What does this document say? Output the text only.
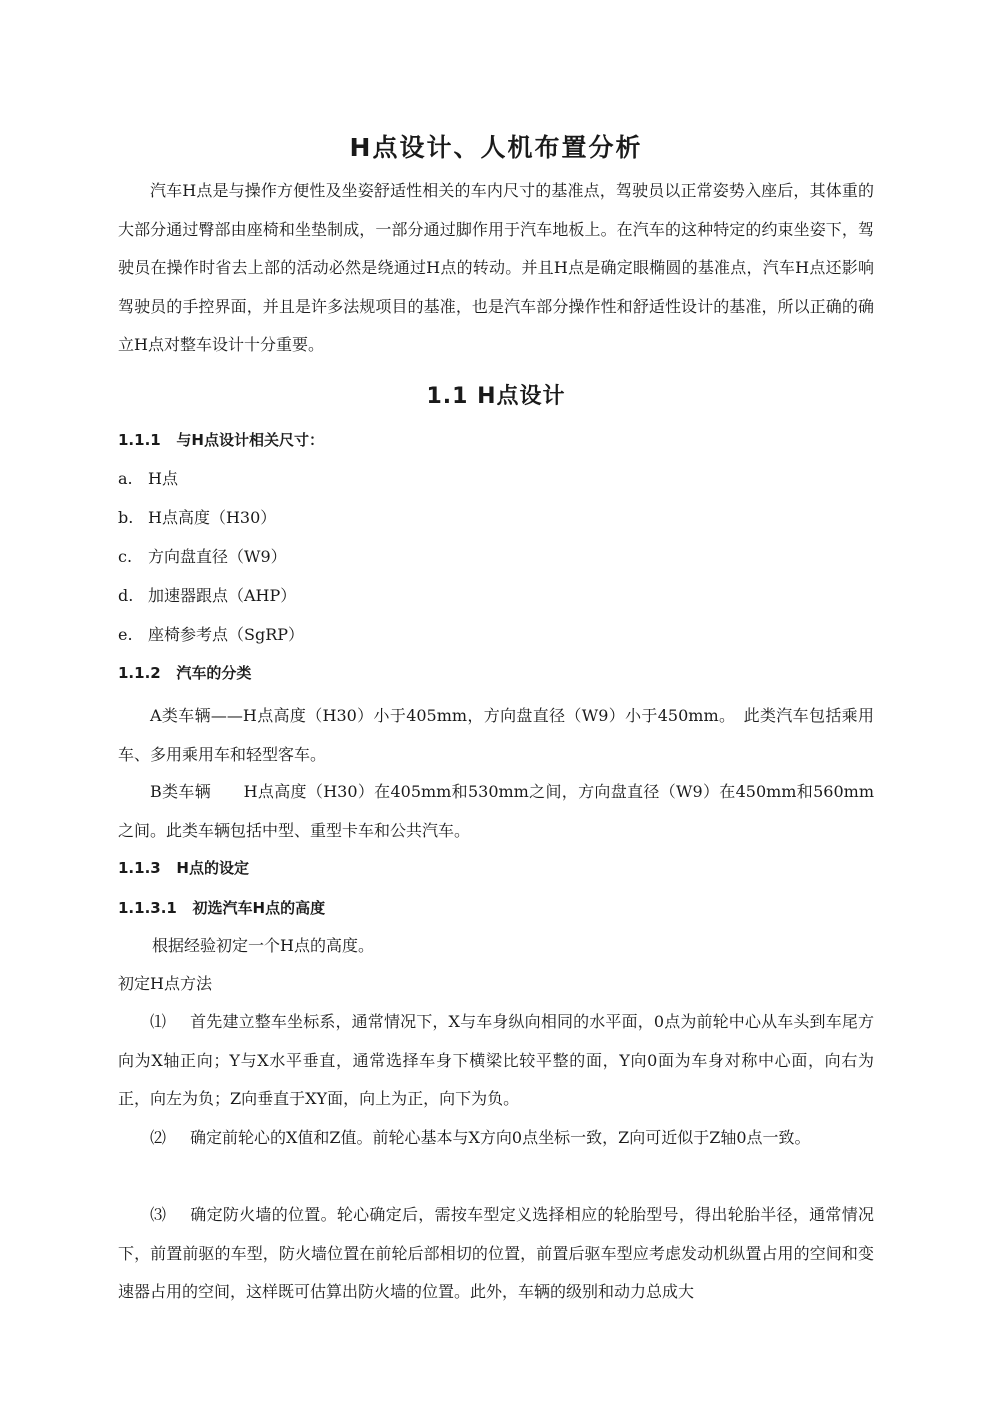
H点设计、人机布置分析

汽车H点是与操作方便性及坐姿舒适性相关的车内尺寸的基准点，驾驶员以正常姿势入座后，其体重的大部分通过臀部由座椅和坐垫制成，一部分通过脚作用于汽车地板上。在汽车的这种特定的约束坐姿下，驾驶员在操作时省去上部的活动必然是绕通过H点的转动。并且H点是确定眼椭圆的基准点，汽车H点还影响驾驶员的手控界面，并且是许多法规项目的基准，也是汽车部分操作性和舒适性设计的基准，所以正确的确立H点对整车设计十分重要。

1.1 H点设计
1.1.1 与H点设计相关尺寸：
a. H点
b. H点高度（H30）
c. 方向盘直径（W9）
d. 加速器跟点（AHP）
e. 座椅参考点（SgRP）
1.1.2 汽车的分类

A类车辆——H点高度（H30）小于405mm，方向盘直径（W9）小于450mm。　此类汽车包括乘用车、多用乘用车和轻型客车。

B类车辆　　H点高度（H30）在405mm和530mm之间，方向盘直径（W9）在450mm和560mm之间。此类车辆包括中型、重型卡车和公共汽车。

1.1.3 H点的设定
1.1.3.1 初选汽车H点的高度
根据经验初定一个H点的高度。
初定H点方法

⑴ 首先建立整车坐标系，通常情况下，X与车身纵向相同的水平面，0点为前轮中心从车头到车尾方向为X轴正向；Y与X水平垂直，通常选择车身下横梁比较平整的面，Y向0面为车身对称中心面，向右为正，向左为负；Z向垂直于XY面，向上为正，向下为负。

⑵ 确定前轮心的X值和Z值。前轮心基本与X方向0点坐标一致，Z向可近似于Z轴0点一致。

⑶ 确定防火墙的位置。轮心确定后，需按车型定义选择相应的轮胎型号，得出轮胎半径，通常情况下，前置前驱的车型，防火墙位置在前轮后部相切的位置，前置后驱车型应考虑发动机纵置占用的空间和变速器占用的空间，这样既可估算出防火墙的位置。此外，车辆的级别和动力总成大
